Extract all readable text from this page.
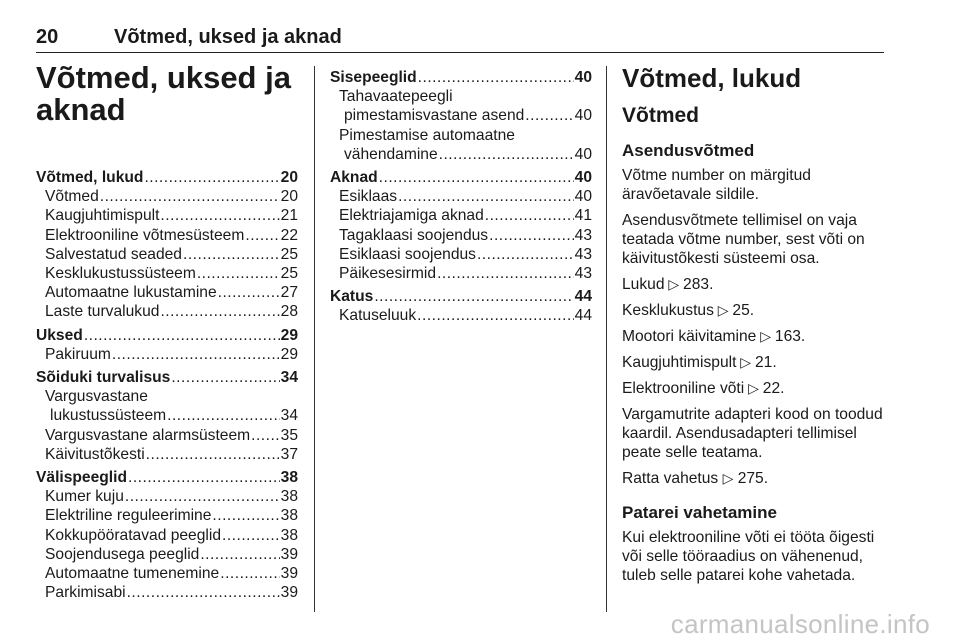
20	Võtmed, uksed ja aknad
Võtmed, uksed ja aknad
Võtmed, lukud .....	20
Võtmed .....	20
Kaugjuhtimispult .....	21
Elektrooniline võtmesüsteem ..... 22
Salvestatud seaded .....	25
Kesklukustussüsteem .....	25
Automaatne lukustamine .....	27
Laste turvalukud .....	28
Uksed .....	29
Pakiruum .....	29
Sõiduki turvalisus .....	34
Vargusvastane
lukustussüsteem .....	34
Vargusvastane alarmsüsteem ..... 35
Käivitustõkesti .....	37
Välispeeglid .....	38
Kumer kuju .....	38
Elektriline reguleerimine .....	38
Kokkupööratavad peeglid .....	38
Soojendusega peeglid .....	39
Automaatne tumenemine .....	39
Parkimisabi .....	39
Sisepeeglid .....	40
Tahavaatepeegli
pimestamisvastane asend .....	40
Pimestamise automaatne
vähendamine .....	40
Aknad .....	40
Esiklaas .....	40
Elektriajamiga aknad .....	41
Tagaklaasi soojendus .....	43
Esiklaasi soojendus .....	43
Päikesesirmid .....	43
Katus .....	44
Katuseluuk .....	44
Võtmed, lukud
Võtmed
Asendusvõtmed

Võtme number on märgitud äravõetavale sildile.

Asendusvõtmete tellimisel on vaja teatada võtme number, sest võti on käivitustõkesti süsteemi osa.

Lukud ▷ 283.

Kesklukustus ▷ 25.

Mootori käivitamine ▷ 163.

Kaugjuhtimispult ▷ 21.

Elektrooniline võti ▷ 22.

Vargamutrite adapteri kood on toodud kaardil. Asendusadapteri tellimisel peate selle teatama.

Ratta vahetus ▷ 275.

Patarei vahetamine

Kui elektrooniline võti ei tööta õigesti või selle tööraadius on vähenenud, tuleb selle patarei kohe vahetada.

carmanualsonline.info
